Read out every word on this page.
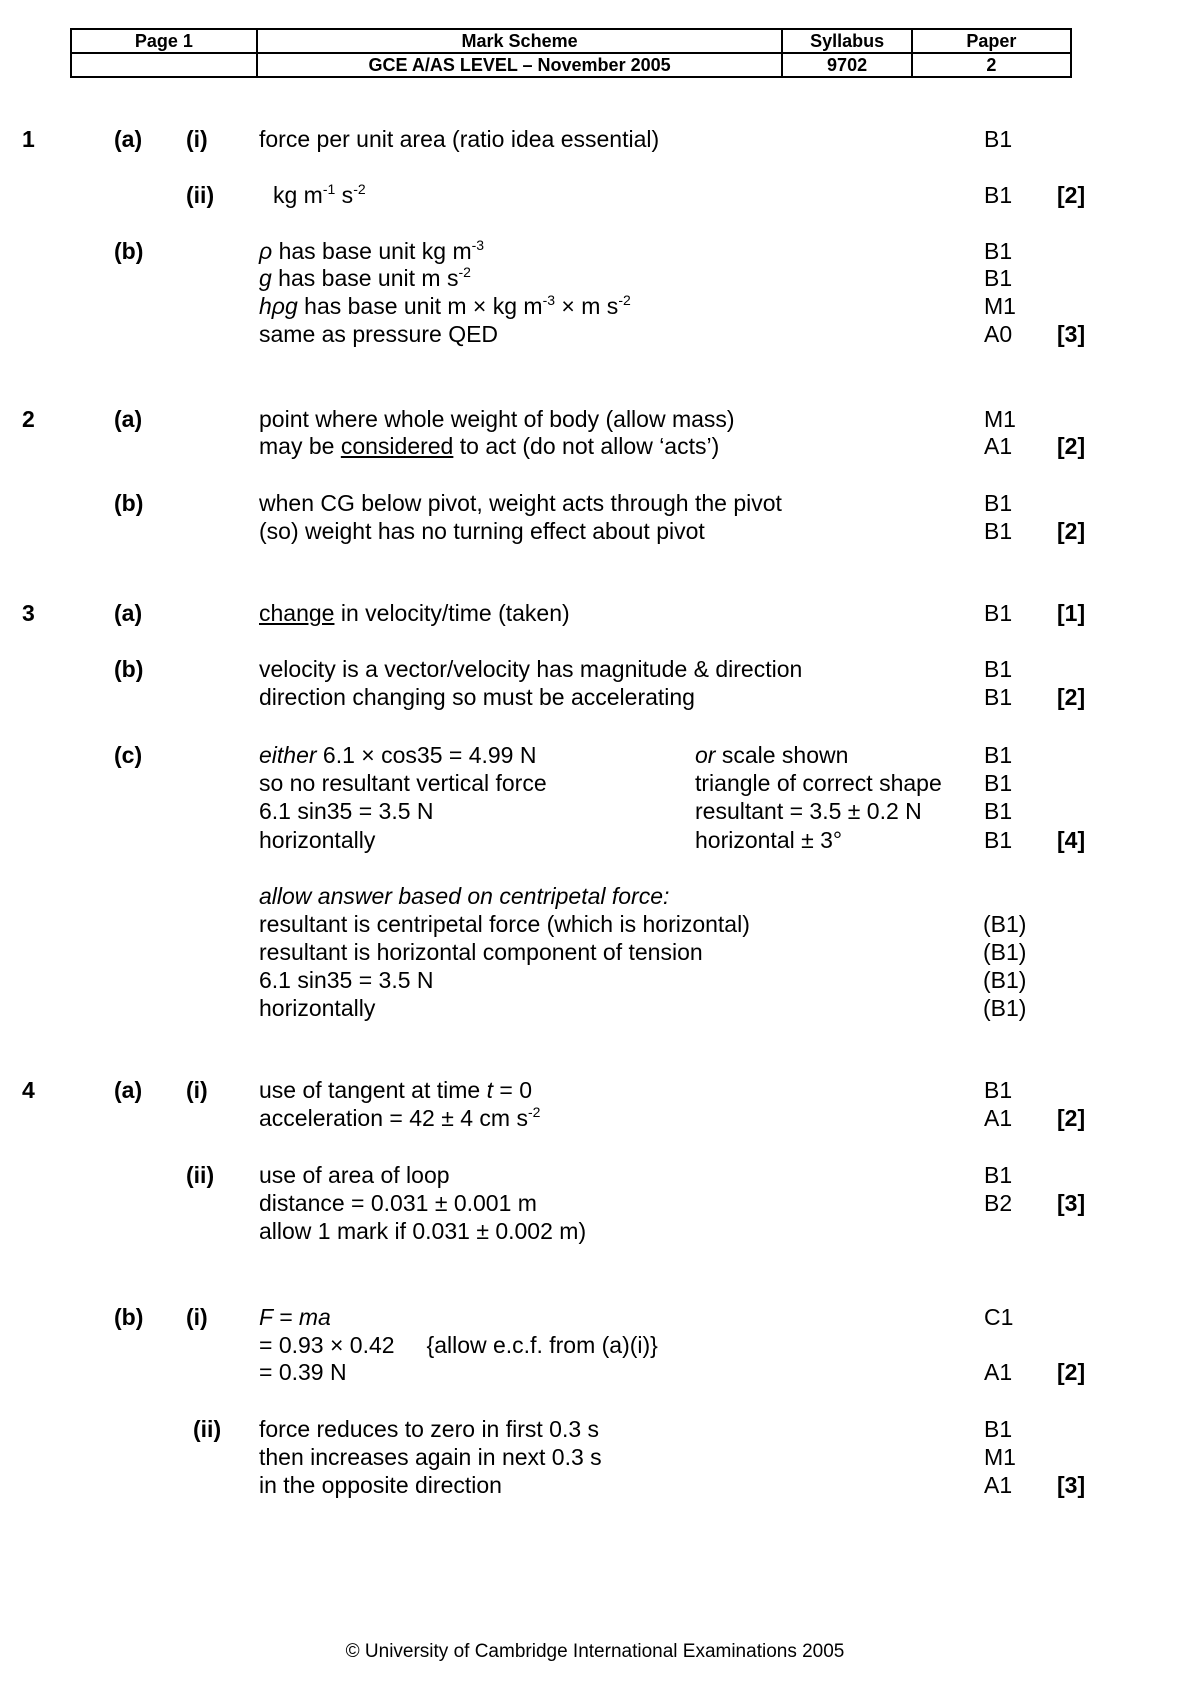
Page 1	Mark Scheme	Syllabus	Paper
	GCE A/AS LEVEL – November 2005	9702	2
1	(a) (i) force per unit area (ratio idea essential)	B1
(ii)	kg $m^{-1}$ $s^{-2}$	B1 [2]
(b)	ρ has base unit kg $m^{-3}$	B1
g has base unit m $s^{-2}$	B1
hρg has base unit m × kg $m^{-3} \times m$ $s^{-2}$	M1
same as pressure QED	A0 [3]
2	(a)	point where whole weight of body (allow mass)	M1
may be considered to act (do not allow ‘acts’)	A1 [2]
(b)	when CG below pivot, weight acts through the pivot	B1
(so) weight has no turning effect about pivot	B1 [2]
3	(a)	change in velocity/time (taken)	B1 [1]
(b)	velocity is a vector/velocity has magnitude & direction	B1
direction changing so must be accelerating	B1 [2]
(c)	either 6.1 × cos35 = 4.99 N	or scale shown	B1
so no resultant vertical force	triangle of correct shape B1
6.1 sin35 = 3.5 N	resultant = 3.5 ± 0.2 N	B1
horizontally	horizontal ± 3°	B1 [4]
allow answer based on centripetal force:
resultant is centripetal force (which is horizontal)	(B1)
resultant is horizontal component of tension	(B1)
6.1 sin35 = 3.5 N	(B1)
horizontally	(B1)
4	(a) (i) use of tangent at time t = 0	B1
acceleration = 42 ± 4 cm $s^{-2}$	A1 [2]
(ii) use of area of loop	B1
distance = 0.031 ± 0.001 m	B2 [3]
allow 1 mark if 0.031 ± 0.002 m)
(b) (i) F = ma	C1
= 0.93 × 0.42     {allow e.c.f. from (a)(i)}
= 0.39 N	A1 [2]
(ii) force reduces to zero in first 0.3 s	B1
then increases again in next 0.3 s	M1
in the opposite direction	A1 [3]
© University of Cambridge International Examinations 2005
